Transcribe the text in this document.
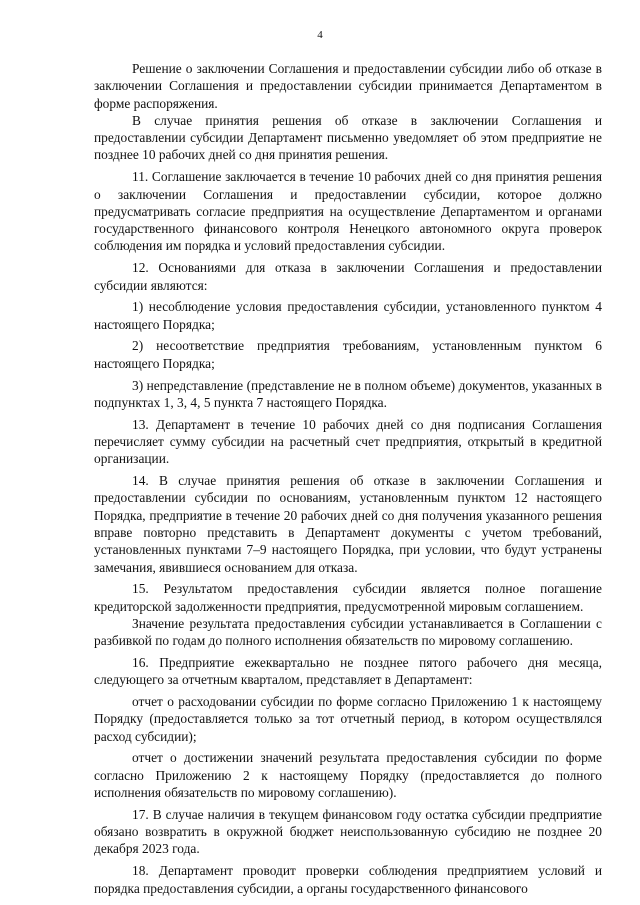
4

Решение о заключении Соглашения и предоставлении субсидии либо об отказе в заключении Соглашения и предоставлении субсидии принимается Департаментом в форме распоряжения.

В случае принятия решения об отказе в заключении Соглашения и предоставлении субсидии Департамент письменно уведомляет об этом предприятие не позднее 10 рабочих дней со дня принятия решения.

11. Соглашение заключается в течение 10 рабочих дней со дня принятия решения о заключении Соглашения и предоставлении субсидии, которое должно предусматривать согласие предприятия на осуществление Департаментом и органами государственного финансового контроля Ненецкого автономного округа проверок соблюдения им порядка и условий предоставления субсидии.

12. Основаниями для отказа в заключении Соглашения и предоставлении субсидии являются:

1) несоблюдение условия предоставления субсидии, установленного пунктом 4 настоящего Порядка;

2) несоответствие предприятия требованиям, установленным пунктом 6 настоящего Порядка;

3) непредставление (представление не в полном объеме) документов, указанных в подпунктах 1, 3, 4, 5 пункта 7 настоящего Порядка.

13. Департамент в течение 10 рабочих дней со дня подписания Соглашения перечисляет сумму субсидии на расчетный счет предприятия, открытый в кредитной организации.

14. В случае принятия решения об отказе в заключении Соглашения и предоставлении субсидии по основаниям, установленным пунктом 12 настоящего Порядка, предприятие в течение 20 рабочих дней со дня получения указанного решения вправе повторно представить в Департамент документы с учетом требований, установленных пунктами 7–9 настоящего Порядка, при условии, что будут устранены замечания, явившиеся основанием для отказа.

15. Результатом предоставления субсидии является полное погашение кредиторской задолженности предприятия, предусмотренной мировым соглашением.

Значение результата предоставления субсидии устанавливается в Соглашении с разбивкой по годам до полного исполнения обязательств по мировому соглашению.

16. Предприятие ежеквартально не позднее пятого рабочего дня месяца, следующего за отчетным кварталом, представляет в Департамент:

отчет о расходовании субсидии по форме согласно Приложению 1 к настоящему Порядку (предоставляется только за тот отчетный период, в котором осуществлялся расход субсидии);

отчет о достижении значений результата предоставления субсидии по форме согласно Приложению 2 к настоящему Порядку (предоставляется до полного исполнения обязательств по мировому соглашению).

17. В случае наличия в текущем финансовом году остатка субсидии предприятие обязано возвратить в окружной бюджет неиспользованную субсидию не позднее 20 декабря 2023 года.

18. Департамент проводит проверки соблюдения предприятием условий и порядка предоставления субсидии, а органы государственного финансового
